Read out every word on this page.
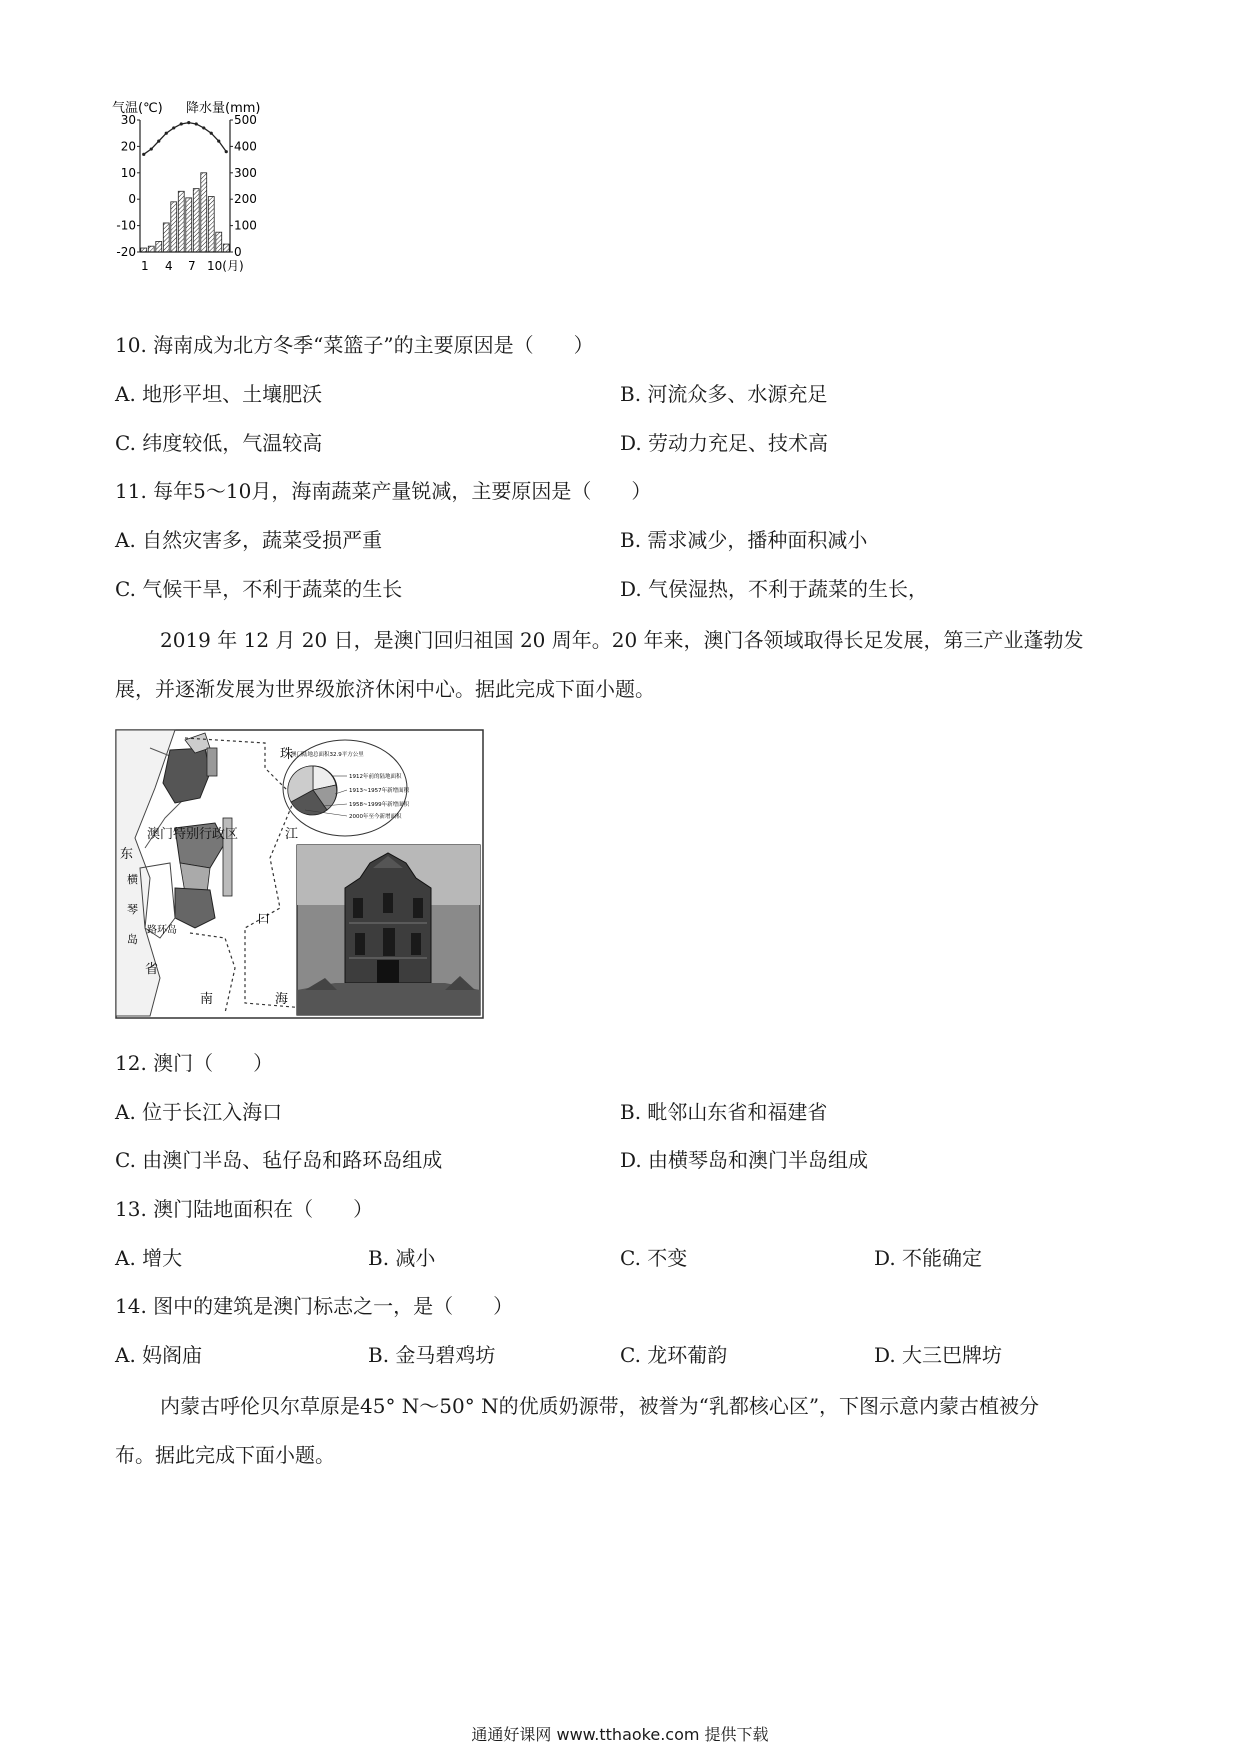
气温(℃) 降水量(mm)
30
20
10
0
-10
-20
500
400
300
200
100
0
1 4 7 10(月)
10. 海南成为北方冬季“菜篮子”的主要原因是（　　）
A. 地形平坦、土壤肥沃	B. 河流众多、水源充足
C. 纬度较低，气温较高	D. 劳动力充足、技术高
11. 每年5～10月，海南蔬菜产量锐减，主要原因是（　　）
A. 自然灾害多，蔬菜受损严重	B. 需求减少，播种面积减小
C. 气候干旱，不利于蔬菜的生长	D. 气侯湿热，不利于蔬菜的生长，
2019 年 12 月 20 日，是澳门回归祖国 20 周年。20 年来，澳门各领域取得长足发展，第三产业蓬勃发
展，并逐渐发展为世界级旅济休闲中心。据此完成下面小题。
澳门特别行政区
珠
江
口
南	海
东
省
横
琴
岛
路环岛
澳门陆地总面积32.9平方公里
1912年前的陆地面积
1913~1957年新增面积
1958~1999年新增面积
2000年至今新增面积
12. 澳门（　　）
A. 位于长江入海口	B. 毗邻山东省和福建省
C. 由澳门半岛、毡仔岛和路环岛组成	D. 由横琴岛和澳门半岛组成
13. 澳门陆地面积在（　　）
A. 增大	B. 减小	C. 不变	D. 不能确定
14. 图中的建筑是澳门标志之一，是（　　）
A. 妈阁庙	B. 金马碧鸡坊	C. 龙环葡韵	D. 大三巴牌坊
内蒙古呼伦贝尔草原是45° N～50° N的优质奶源带，被誉为“乳都核心区”，下图示意内蒙古植被分
布。据此完成下面小题。
通通好课网 www.tthaoke.com 提供下载
